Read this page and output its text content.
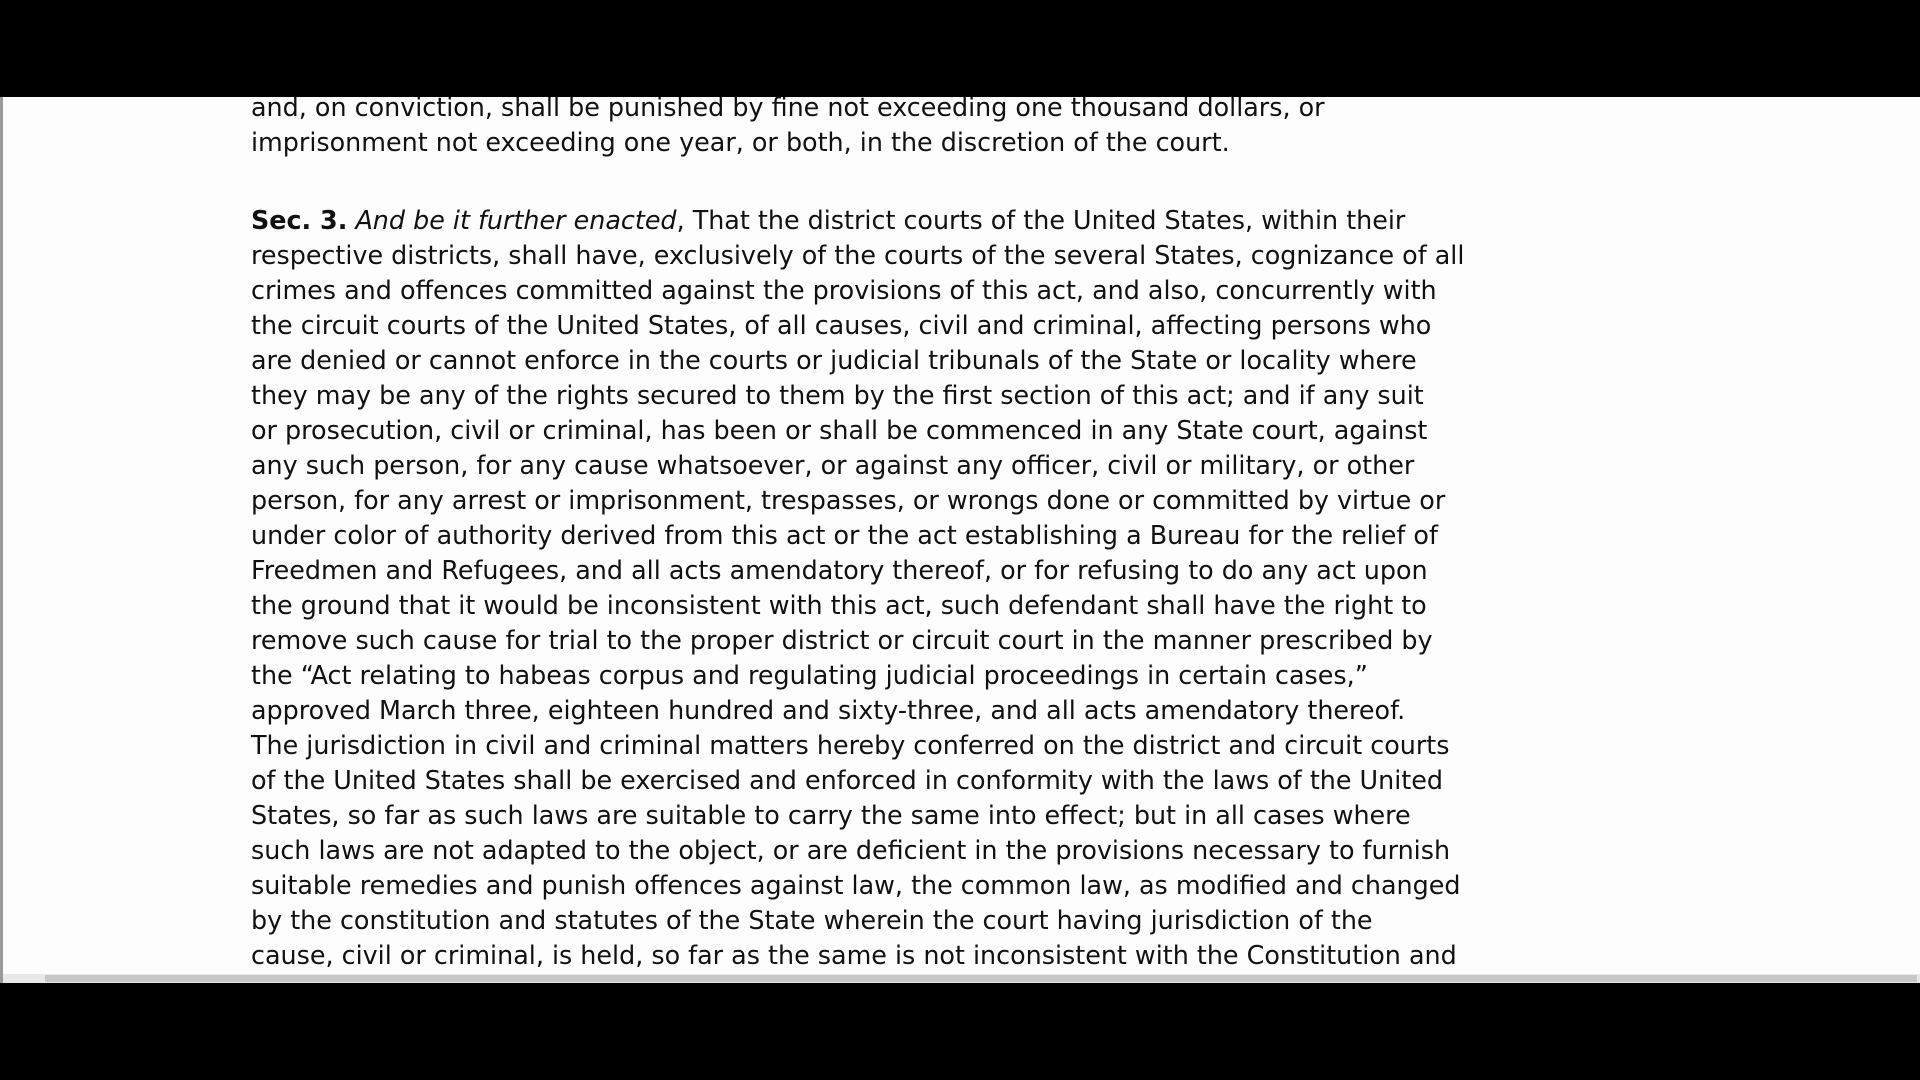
and, on conviction, shall be punished by fine not exceeding one thousand dollars, or
imprisonment not exceeding one year, or both, in the discretion of the court.
Sec. 3. And be it further enacted, That the district courts of the United States, within their
respective districts, shall have, exclusively of the courts of the several States, cognizance of all
crimes and offences committed against the provisions of this act, and also, concurrently with
the circuit courts of the United States, of all causes, civil and criminal, affecting persons who
are denied or cannot enforce in the courts or judicial tribunals of the State or locality where
they may be any of the rights secured to them by the first section of this act; and if any suit
or prosecution, civil or criminal, has been or shall be commenced in any State court, against
any such person, for any cause whatsoever, or against any officer, civil or military, or other
person, for any arrest or imprisonment, trespasses, or wrongs done or committed by virtue or
under color of authority derived from this act or the act establishing a Bureau for the relief of
Freedmen and Refugees, and all acts amendatory thereof, or for refusing to do any act upon
the ground that it would be inconsistent with this act, such defendant shall have the right to
remove such cause for trial to the proper district or circuit court in the manner prescribed by
the “Act relating to habeas corpus and regulating judicial proceedings in certain cases,”
approved March three, eighteen hundred and sixty-three, and all acts amendatory thereof.
The jurisdiction in civil and criminal matters hereby conferred on the district and circuit courts
of the United States shall be exercised and enforced in conformity with the laws of the United
States, so far as such laws are suitable to carry the same into effect; but in all cases where
such laws are not adapted to the object, or are deficient in the provisions necessary to furnish
suitable remedies and punish offences against law, the common law, as modified and changed
by the constitution and statutes of the State wherein the court having jurisdiction of the
cause, civil or criminal, is held, so far as the same is not inconsistent with the Constitution and
